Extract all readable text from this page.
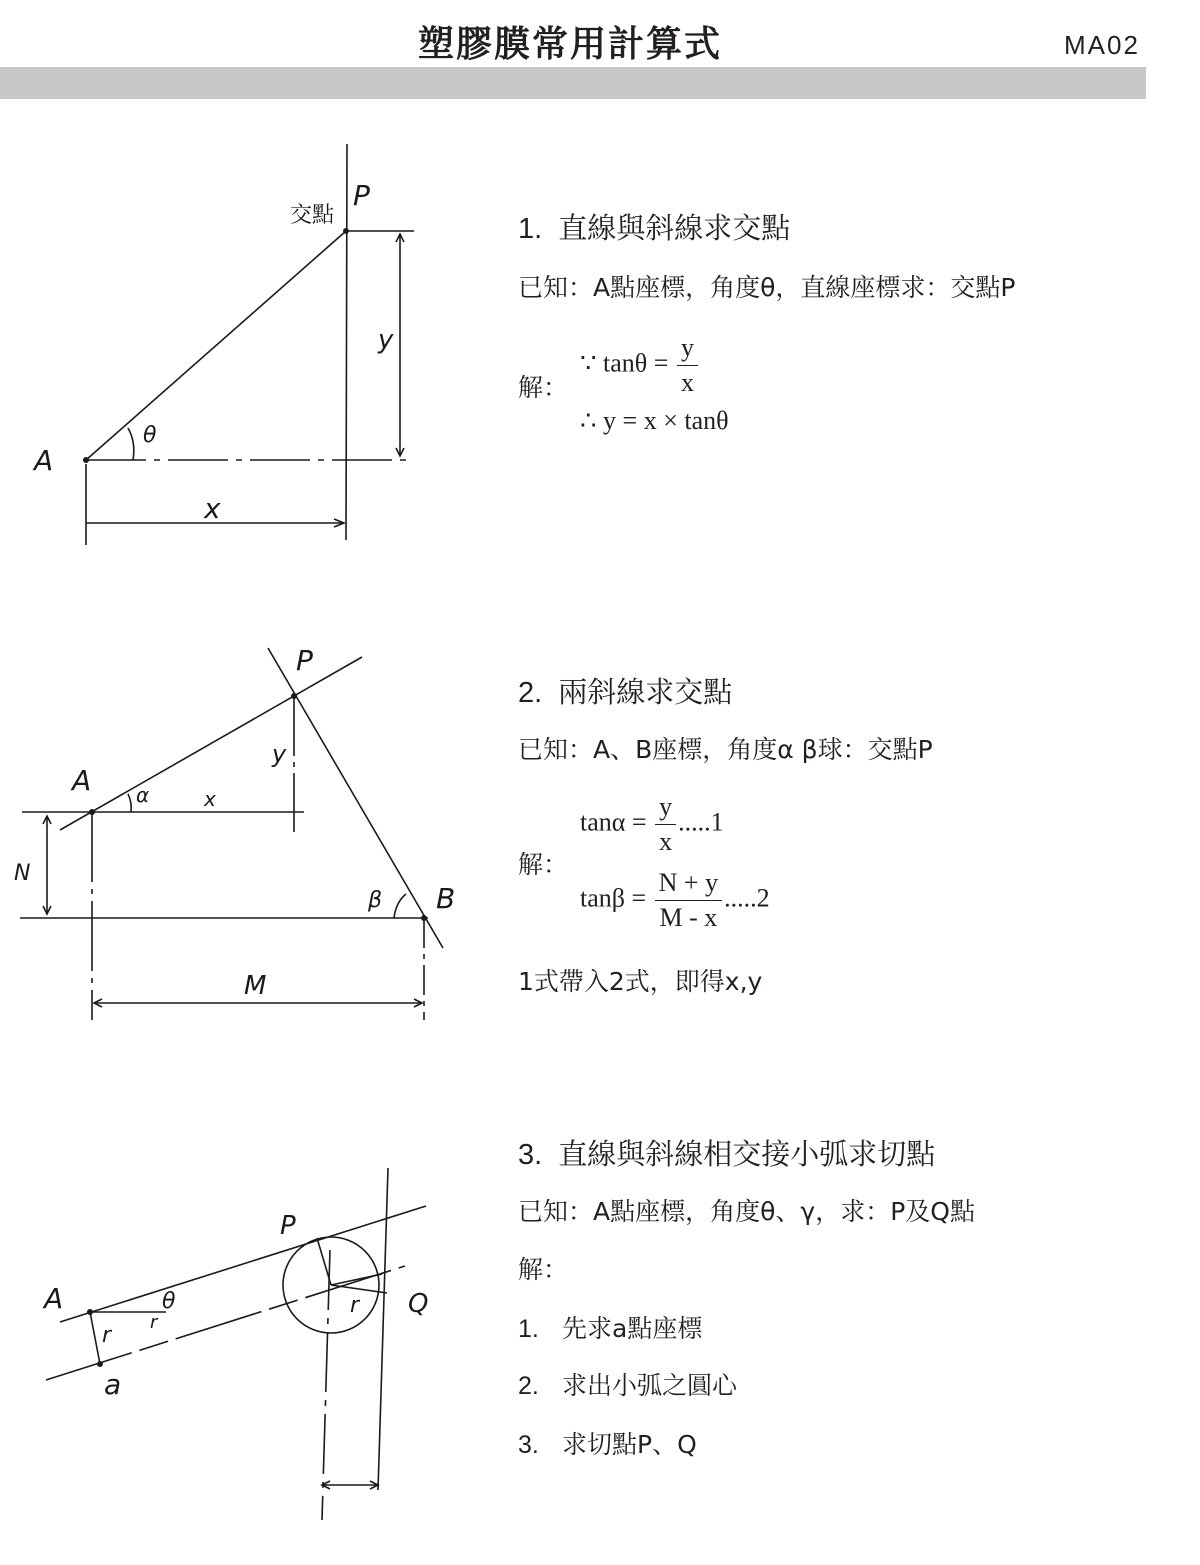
塑膠膜常用計算式	MA02
P
交點
A
θ
y
x
1. 直線與斜線求交點
已知：A點座標，角度θ，直線座標求：交點P
解：
∵ $\tan\theta = \frac{y}{x}$
∴ y = x × tanθ
P
A α	x
y
N
β B
M
2. 兩斜線求交點
已知：A、B座標，角度α β球：交點P
解：
$\tan\alpha = \frac{y}{x} .....1$
$\tan\beta = \frac{N + y}{M - x} .....2$
1式帶入2式，即得x,y
P
A	θ
r
r
a
Q
r
3. 直線與斜線相交接小弧求切點
已知：A點座標，角度θ、γ，求：P及Q點
解：
1. 先求a點座標
2. 求出小弧之圓心
3. 求切點P、Q
